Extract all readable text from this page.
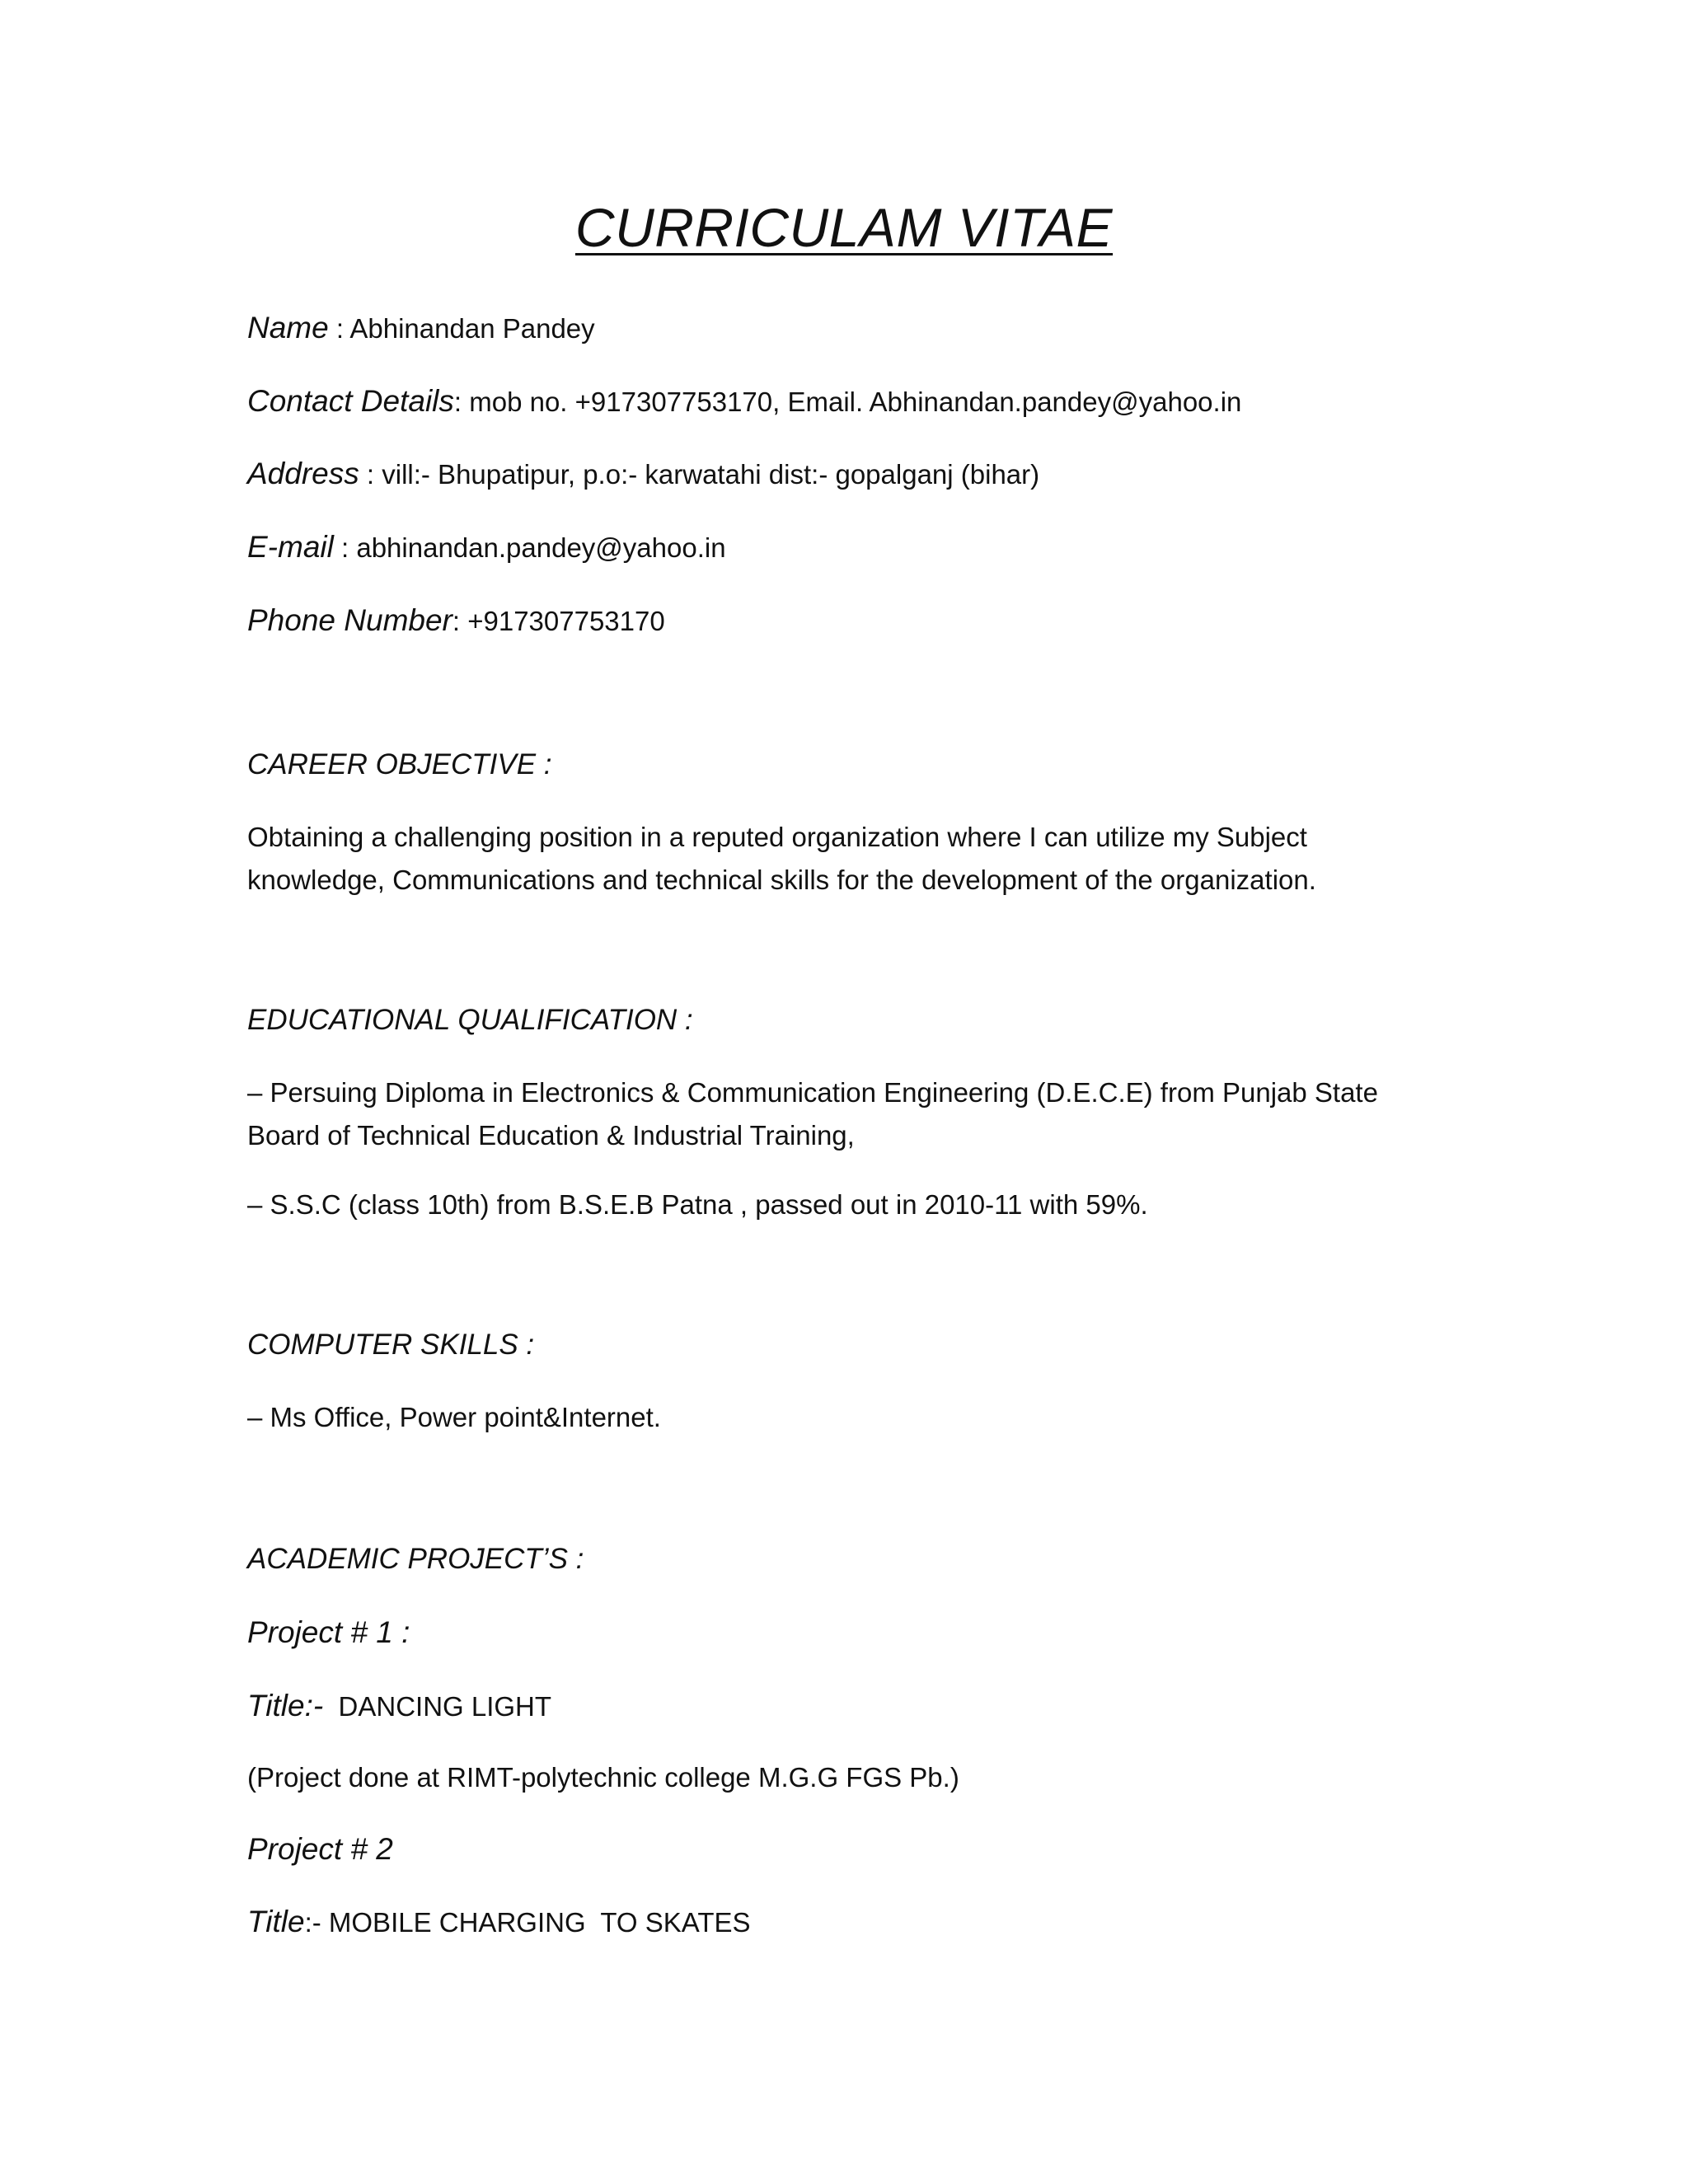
CURRICULAM VITAE
Name : Abhinandan Pandey
Contact Details: mob no. +917307753170, Email. Abhinandan.pandey@yahoo.in
Address : vill:- Bhupatipur, p.o:- karwatahi dist:- gopalganj (bihar)
E-mail : abhinandan.pandey@yahoo.in
Phone Number: +917307753170
CAREER OBJECTIVE :
Obtaining a challenging position in a reputed organization where I can utilize my Subject knowledge, Communications and technical skills for the development of the organization.
EDUCATIONAL QUALIFICATION :
– Persuing Diploma in Electronics & Communication Engineering (D.E.C.E) from Punjab State Board of Technical Education & Industrial Training,
– S.S.C (class 10th) from B.S.E.B Patna , passed out in 2010-11 with 59%.
COMPUTER SKILLS :
– Ms Office, Power point&Internet.
ACADEMIC PROJECT’S :
Project # 1 :
Title:-  DANCING LIGHT
(Project done at RIMT-polytechnic college M.G.G FGS Pb.)
Project # 2
Title:- MOBILE CHARGING  TO SKATES
